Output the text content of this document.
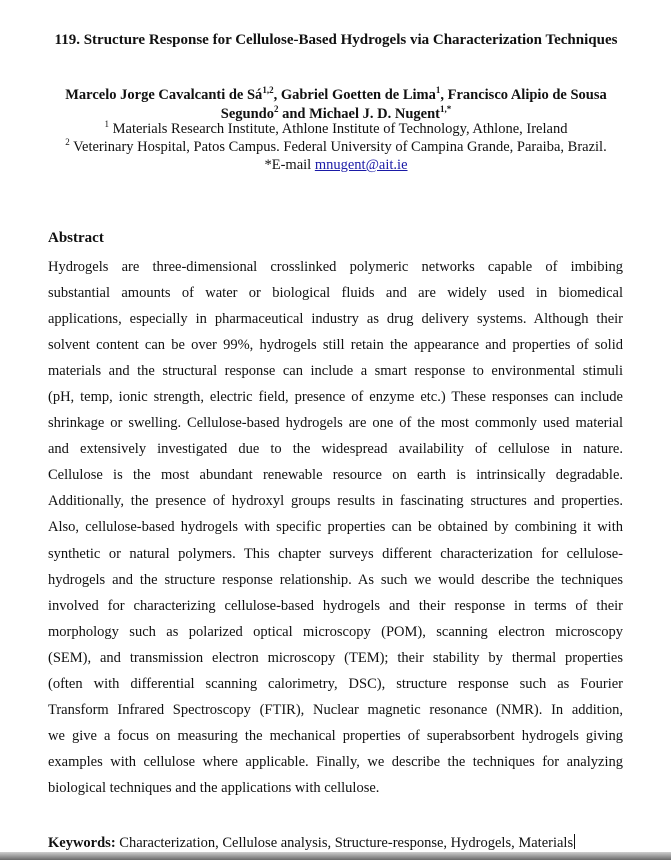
119. Structure Response for Cellulose-Based Hydrogels via Characterization Techniques
Marcelo Jorge Cavalcanti de Sá$^{1,2}$, Gabriel Goetten de Lima$^1$, Francisco Alipio de Sousa Segundo$^2$ and Michael J. D. Nugent$^{1,*}$
$^1$ Materials Research Institute, Athlone Institute of Technology, Athlone, Ireland
$^2$ Veterinary Hospital, Patos Campus. Federal University of Campina Grande, Paraiba, Brazil.
*E-mail mnugent@ait.ie
Abstract
Hydrogels are three-dimensional crosslinked polymeric networks capable of imbibing
substantial amounts of water or biological fluids and are widely used in biomedical
applications, especially in pharmaceutical industry as drug delivery systems. Although their
solvent content can be over 99%, hydrogels still retain the appearance and properties of solid
materials and the structural response can include a smart response to environmental stimuli
(pH, temp, ionic strength, electric field, presence of enzyme etc.) These responses can include
shrinkage or swelling. Cellulose-based hydrogels are one of the most commonly used material
and extensively investigated due to the widespread availability of cellulose in nature.
Cellulose is the most abundant renewable resource on earth is intrinsically degradable.
Additionally, the presence of hydroxyl groups results in fascinating structures and properties.
Also, cellulose-based hydrogels with specific properties can be obtained by combining it with
synthetic or natural polymers. This chapter surveys different characterization for cellulose-
hydrogels and the structure response relationship. As such we would describe the techniques
involved for characterizing cellulose-based hydrogels and their response in terms of their
morphology such as polarized optical microscopy (POM), scanning electron microscopy
(SEM), and transmission electron microscopy (TEM); their stability by thermal properties
(often with differential scanning calorimetry, DSC), structure response such as Fourier
Transform Infrared Spectroscopy (FTIR), Nuclear magnetic resonance (NMR). In addition,
we give a focus on measuring the mechanical properties of superabsorbent hydrogels giving
examples with cellulose where applicable. Finally, we describe the techniques for analyzing
biological techniques and the applications with cellulose.
Keywords: Characterization, Cellulose analysis, Structure-response, Hydrogels, Materials
